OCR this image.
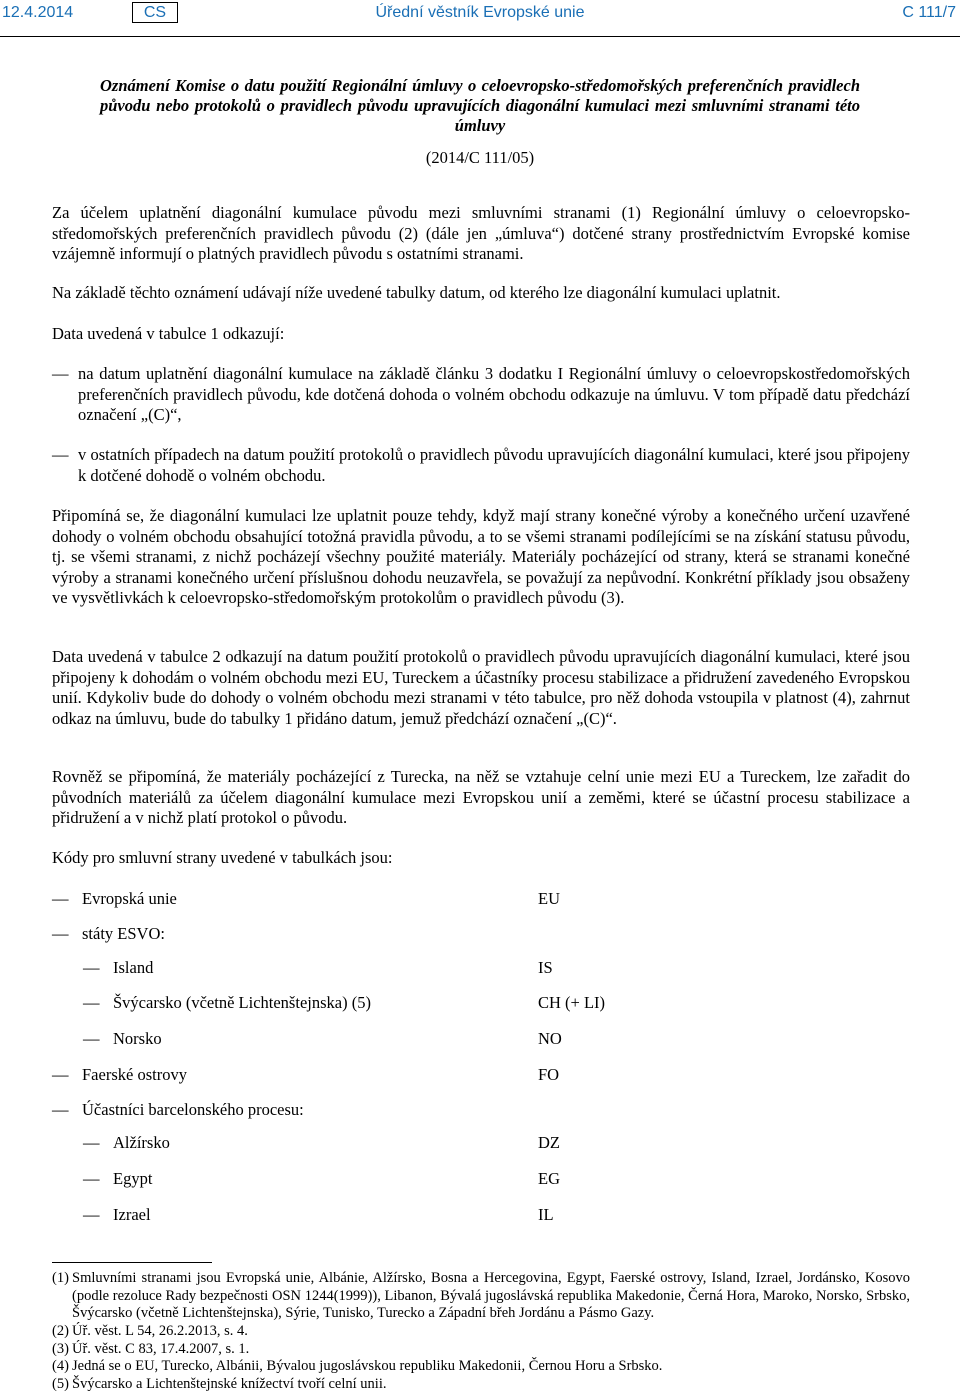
12.4.2014	CS	Úřední věstník Evropské unie	C 111/7

Oznámení Komise o datu použití Regionální úmluvy o celoevropsko-středomořských preferenčních pravidlech původu nebo protokolů o pravidlech původu upravujících diagonální kumulaci mezi smluvními stranami této úmluvy

(2014/C 111/05)

Za účelem uplatnění diagonální kumulace původu mezi smluvními stranami (1) Regionální úmluvy o celoevropsko-středomořských preferenčních pravidlech původu (2) (dále jen „úmluva“) dotčené strany prostřednictvím Evropské komise vzájemně informují o platných pravidlech původu s ostatními stranami.

Na základě těchto oznámení udávají níže uvedené tabulky datum, od kterého lze diagonální kumulaci uplatnit.

Data uvedená v tabulce 1 odkazují:

— na datum uplatnění diagonální kumulace na základě článku 3 dodatku I Regionální úmluvy o celoevropskostředomořských preferenčních pravidlech původu, kde dotčená dohoda o volném obchodu odkazuje na úmluvu. V tom případě datu předchází označení „(C)“,
— v ostatních případech na datum použití protokolů o pravidlech původu upravujících diagonální kumulaci, které jsou připojeny k dotčené dohodě o volném obchodu.

Připomíná se, že diagonální kumulaci lze uplatnit pouze tehdy, když mají strany konečné výroby a konečného určení uzavřené dohody o volném obchodu obsahující totožná pravidla původu, a to se všemi stranami podílejícími se na získání statusu původu, tj. se všemi stranami, z nichž pocházejí všechny použité materiály. Materiály pocházející od strany, která se stranami konečné výroby a stranami konečného určení příslušnou dohodu neuzavřela, se považují za nepůvodní. Konkrétní příklady jsou obsaženy ve vysvětlivkách k celoevropsko-středomořským protokolům o pravidlech původu (3).

Data uvedená v tabulce 2 odkazují na datum použití protokolů o pravidlech původu upravujících diagonální kumulaci, které jsou připojeny k dohodám o volném obchodu mezi EU, Tureckem a účastníky procesu stabilizace a přidružení zavedeného Evropskou unií. Kdykoliv bude do dohody o volném obchodu mezi stranami v této tabulce, pro něž dohoda vstoupila v platnost (4), zahrnut odkaz na úmluvu, bude do tabulky 1 přidáno datum, jemuž předchází označení „(C)“.

Rovněž se připomíná, že materiály pocházející z Turecka, na něž se vztahuje celní unie mezi EU a Tureckem, lze zařadit do původních materiálů za účelem diagonální kumulace mezi Evropskou unií a zeměmi, které se účastní procesu stabilizace a přidružení a v nichž platí protokol o původu.

Kódy pro smluvní strany uvedené v tabulkách jsou:

— Evropská unie	EU
— státy ESVO:
— Island	IS
— Švýcarsko (včetně Lichtenštejnska) (5)	CH (+ LI)
— Norsko	NO
— Faerské ostrovy	FO
— Účastníci barcelonského procesu:
— Alžírsko	DZ
— Egypt	EG
— Izrael	IL
(1) Smluvními stranami jsou Evropská unie, Albánie, Alžírsko, Bosna a Hercegovina, Egypt, Faerské ostrovy, Island, Izrael, Jordánsko, Kosovo (podle rezoluce Rady bezpečnosti OSN 1244(1999)), Libanon, Bývalá jugoslávská republika Makedonie, Černá Hora, Maroko, Norsko, Srbsko, Švýcarsko (včetně Lichtenštejnska), Sýrie, Tunisko, Turecko a Západní břeh Jordánu a Pásmo Gazy.
(2) Úř. věst. L 54, 26.2.2013, s. 4.
(3) Úř. věst. C 83, 17.4.2007, s. 1.
(4) Jedná se o EU, Turecko, Albánii, Bývalou jugoslávskou republiku Makedonii, Černou Horu a Srbsko.
(5) Švýcarsko a Lichtenštejnské knížectví tvoří celní unii.
